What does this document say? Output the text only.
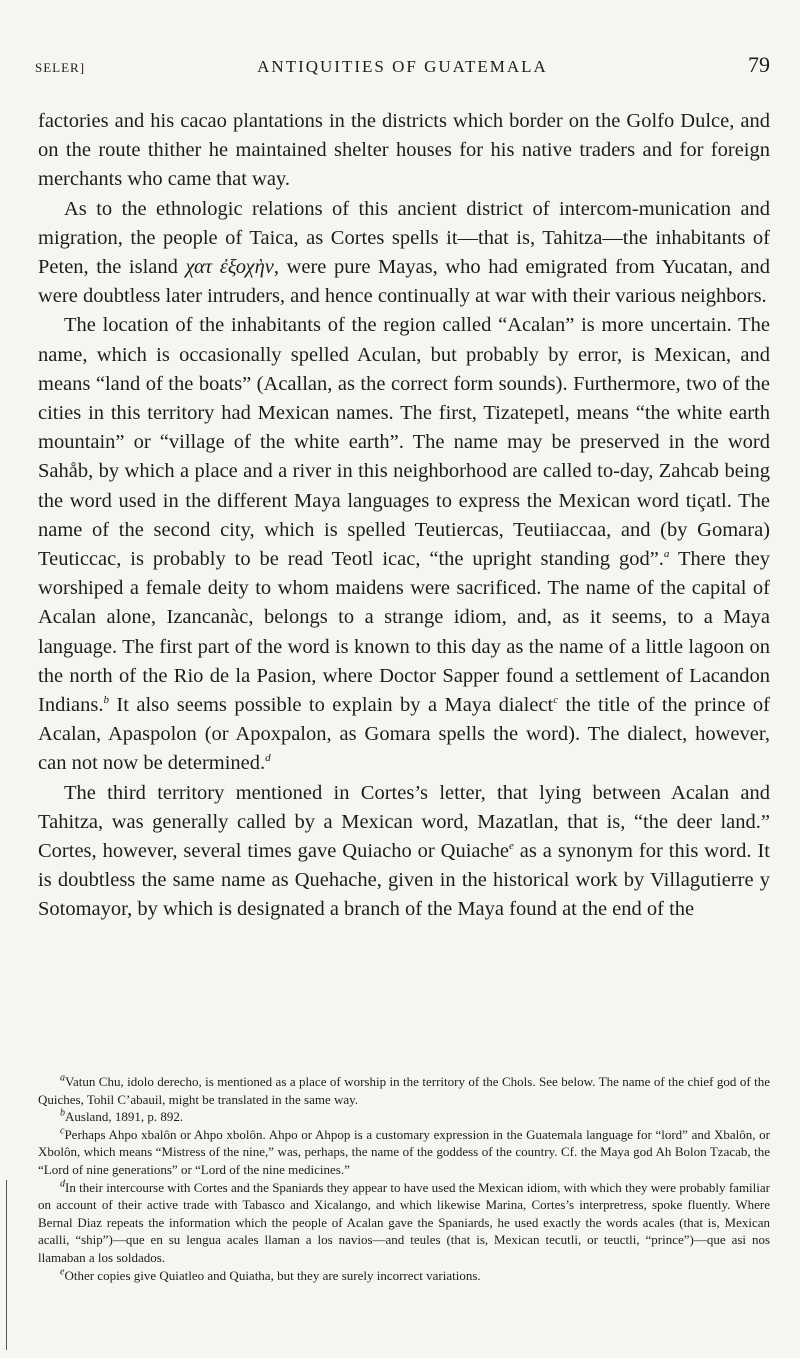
SELER]	ANTIQUITIES OF GUATEMALA	79

factories and his cacao plantations in the districts which border on the Golfo Dulce, and on the route thither he maintained shelter houses for his native traders and for foreign merchants who came that way.

As to the ethnologic relations of this ancient district of intercom-munication and migration, the people of Taica, as Cortes spells it—that is, Tahitza—the inhabitants of Peten, the island χατ ἐξοχὴν, were pure Mayas, who had emigrated from Yucatan, and were doubtless later intruders, and hence continually at war with their various neighbors.

The location of the inhabitants of the region called “Acalan” is more uncertain. The name, which is occasionally spelled Aculan, but probably by error, is Mexican, and means “land of the boats” (Acallan, as the correct form sounds). Furthermore, two of the cities in this territory had Mexican names. The first, Tizatepetl, means “the white earth mountain” or “village of the white earth”. The name may be preserved in the word Sahåb, by which a place and a river in this neighborhood are called to-day, Zahcab being the word used in the different Maya languages to express the Mexican word tiçatl. The name of the second city, which is spelled Teutiercas, Teutiiaccaa, and (by Gomara) Teuticcac, is probably to be read Teotl icac, “the upright standing god”.$^a$ There they worshiped a female deity to whom maidens were sacrificed. The name of the capital of Acalan alone, Izancanàc, belongs to a strange idiom, and, as it seems, to a Maya language. The first part of the word is known to this day as the name of a little lagoon on the north of the Rio de la Pasion, where Doctor Sapper found a settlement of Lacandon Indians.$^b$ It also seems possible to explain by a Maya dialect$^c$ the title of the prince of Acalan, Apaspolon (or Apoxpalon, as Gomara spells the word). The dialect, however, can not now be determined.$^d$

The third territory mentioned in Cortes’s letter, that lying between Acalan and Tahitza, was generally called by a Mexican word, Mazatlan, that is, “the deer land.” Cortes, however, several times gave Quiacho or Quiache$^e$ as a synonym for this word. It is doubtless the same name as Quehache, given in the historical work by Villagutierre y Sotomayor, by which is designated a branch of the Maya found at the end of the

$^a$Vatun Chu, idolo derecho, is mentioned as a place of worship in the territory of the Chols. See below. The name of the chief god of the Quiches, Tohil C’abauil, might be translated in the same way.

$^b$Ausland, 1891, p. 892.

$^c$Perhaps Ahpo xbalôn or Ahpo xbolôn. Ahpo or Ahpop is a customary expression in the Guatemala language for “lord” and Xbalôn, or Xbolôn, which means “Mistress of the nine,” was, perhaps, the name of the goddess of the country. Cf. the Maya god Ah Bolon Tzacab, the “Lord of nine generations” or “Lord of the nine medicines.”

$^d$In their intercourse with Cortes and the Spaniards they appear to have used the Mexican idiom, with which they were probably familiar on account of their active trade with Tabasco and Xicalango, and which likewise Marina, Cortes’s interpretress, spoke fluently. Where Bernal Diaz repeats the information which the people of Acalan gave the Spaniards, he used exactly the words acales (that is, Mexican acalli, “ship”)—que en su lengua acales llaman a los navios—and teules (that is, Mexican tecutli, or teuctli, “prince”)—que asi nos llamaban a los soldados.

$^e$Other copies give Quiatleo and Quiatha, but they are surely incorrect variations.
